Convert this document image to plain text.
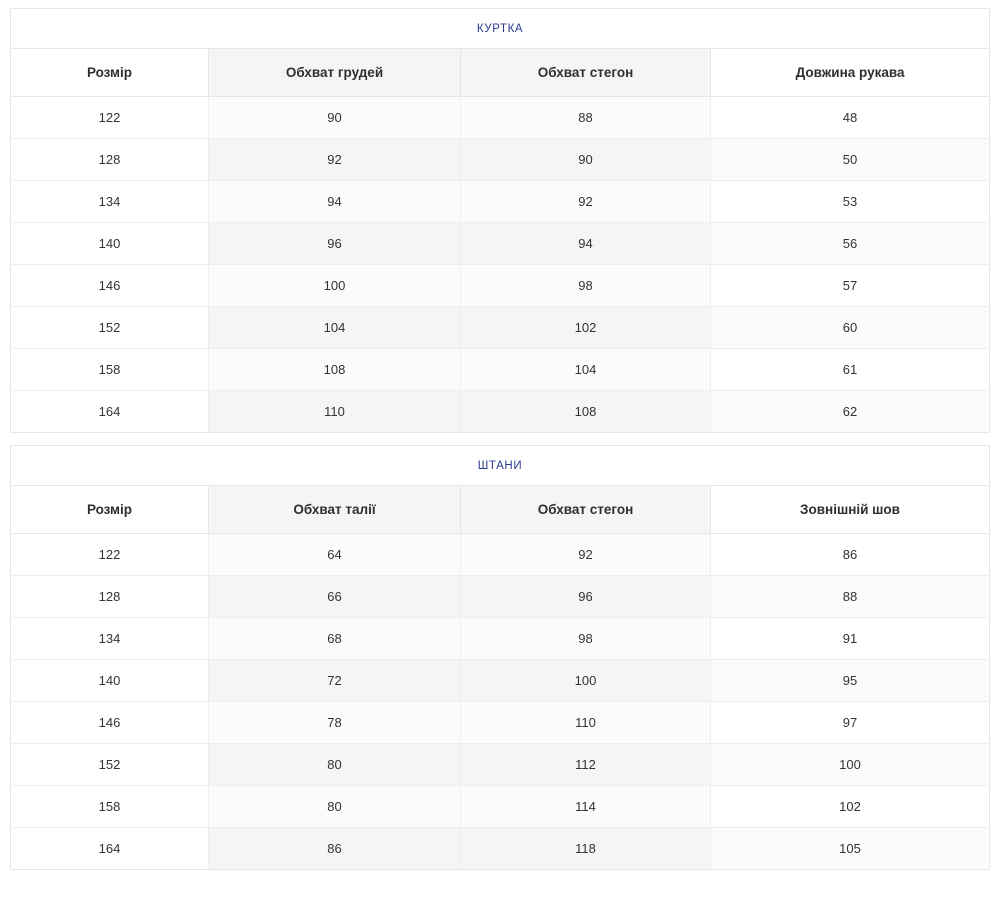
КУРТКА			
Розмір	Обхват грудей	Обхват стегон	Довжина рукава
122	90	88	48
128	92	90	50
134	94	92	53
140	96	94	56
146	100	98	57
152	104	102	60
158	108	104	61
164	110	108	62
ШТАНИ			
Розмір	Обхват талії	Обхват стегон	Зовнішній шов
122	64	92	86
128	66	96	88
134	68	98	91
140	72	100	95
146	78	110	97
152	80	112	100
158	80	114	102
164	86	118	105
